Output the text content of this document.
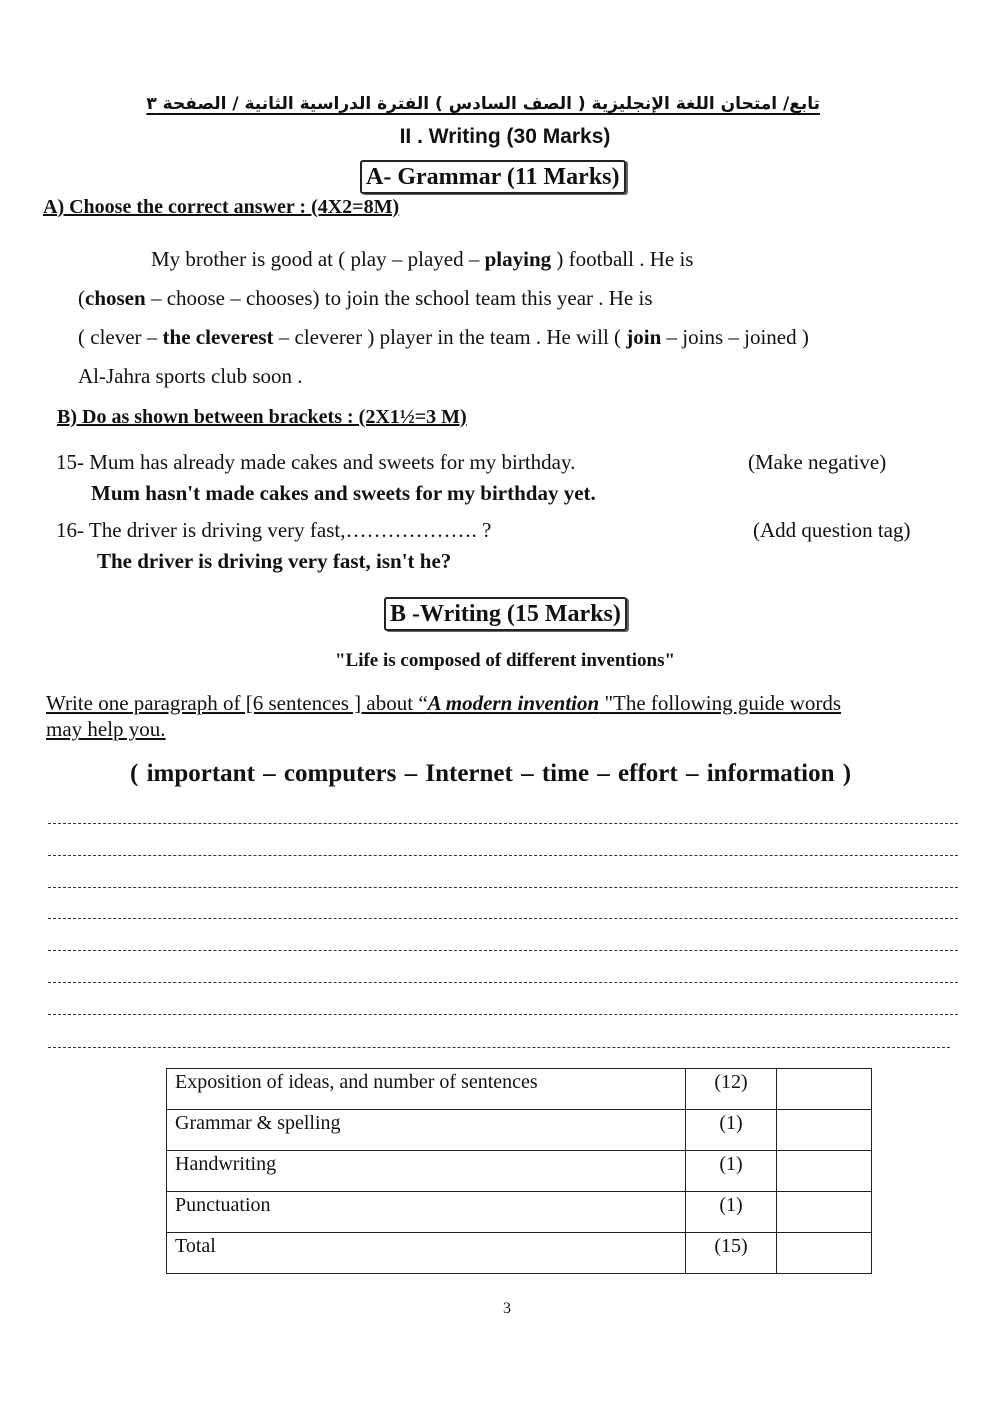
تابع/ امتحان اللغة الإنجليزية ( الصف السادس ) الفترة الدراسية الثانية / الصفحة ٣
II . Writing (30 Marks)
A- Grammar (11 Marks)
A) Choose the correct answer : (4X2=8M)
My brother is good at ( play – played – playing ) football . He is
(chosen – choose – chooses) to join the school team this year . He is
( clever – the cleverest – cleverer ) player in the team . He will ( join – joins – joined )
Al-Jahra sports club soon .
B) Do as shown between brackets : (2X1½=3 M)
15- Mum has already made cakes and sweets for my birthday.	(Make negative)
Mum hasn't made cakes and sweets for my birthday yet.
16- The driver is driving very fast,………………. ?	(Add question tag)
The driver is driving very fast, isn't he?
B -Writing (15 Marks)
"Life is composed of different inventions"
Write one paragraph of [6 sentences ] about “A modern invention "The following guide words
may help you.
( important – computers – Internet – time – effort – information )
Exposition of ideas, and number of sentences	(12)	
Grammar & spelling	(1)	
Handwriting	(1)	
Punctuation	(1)	
Total	(15)	
3
